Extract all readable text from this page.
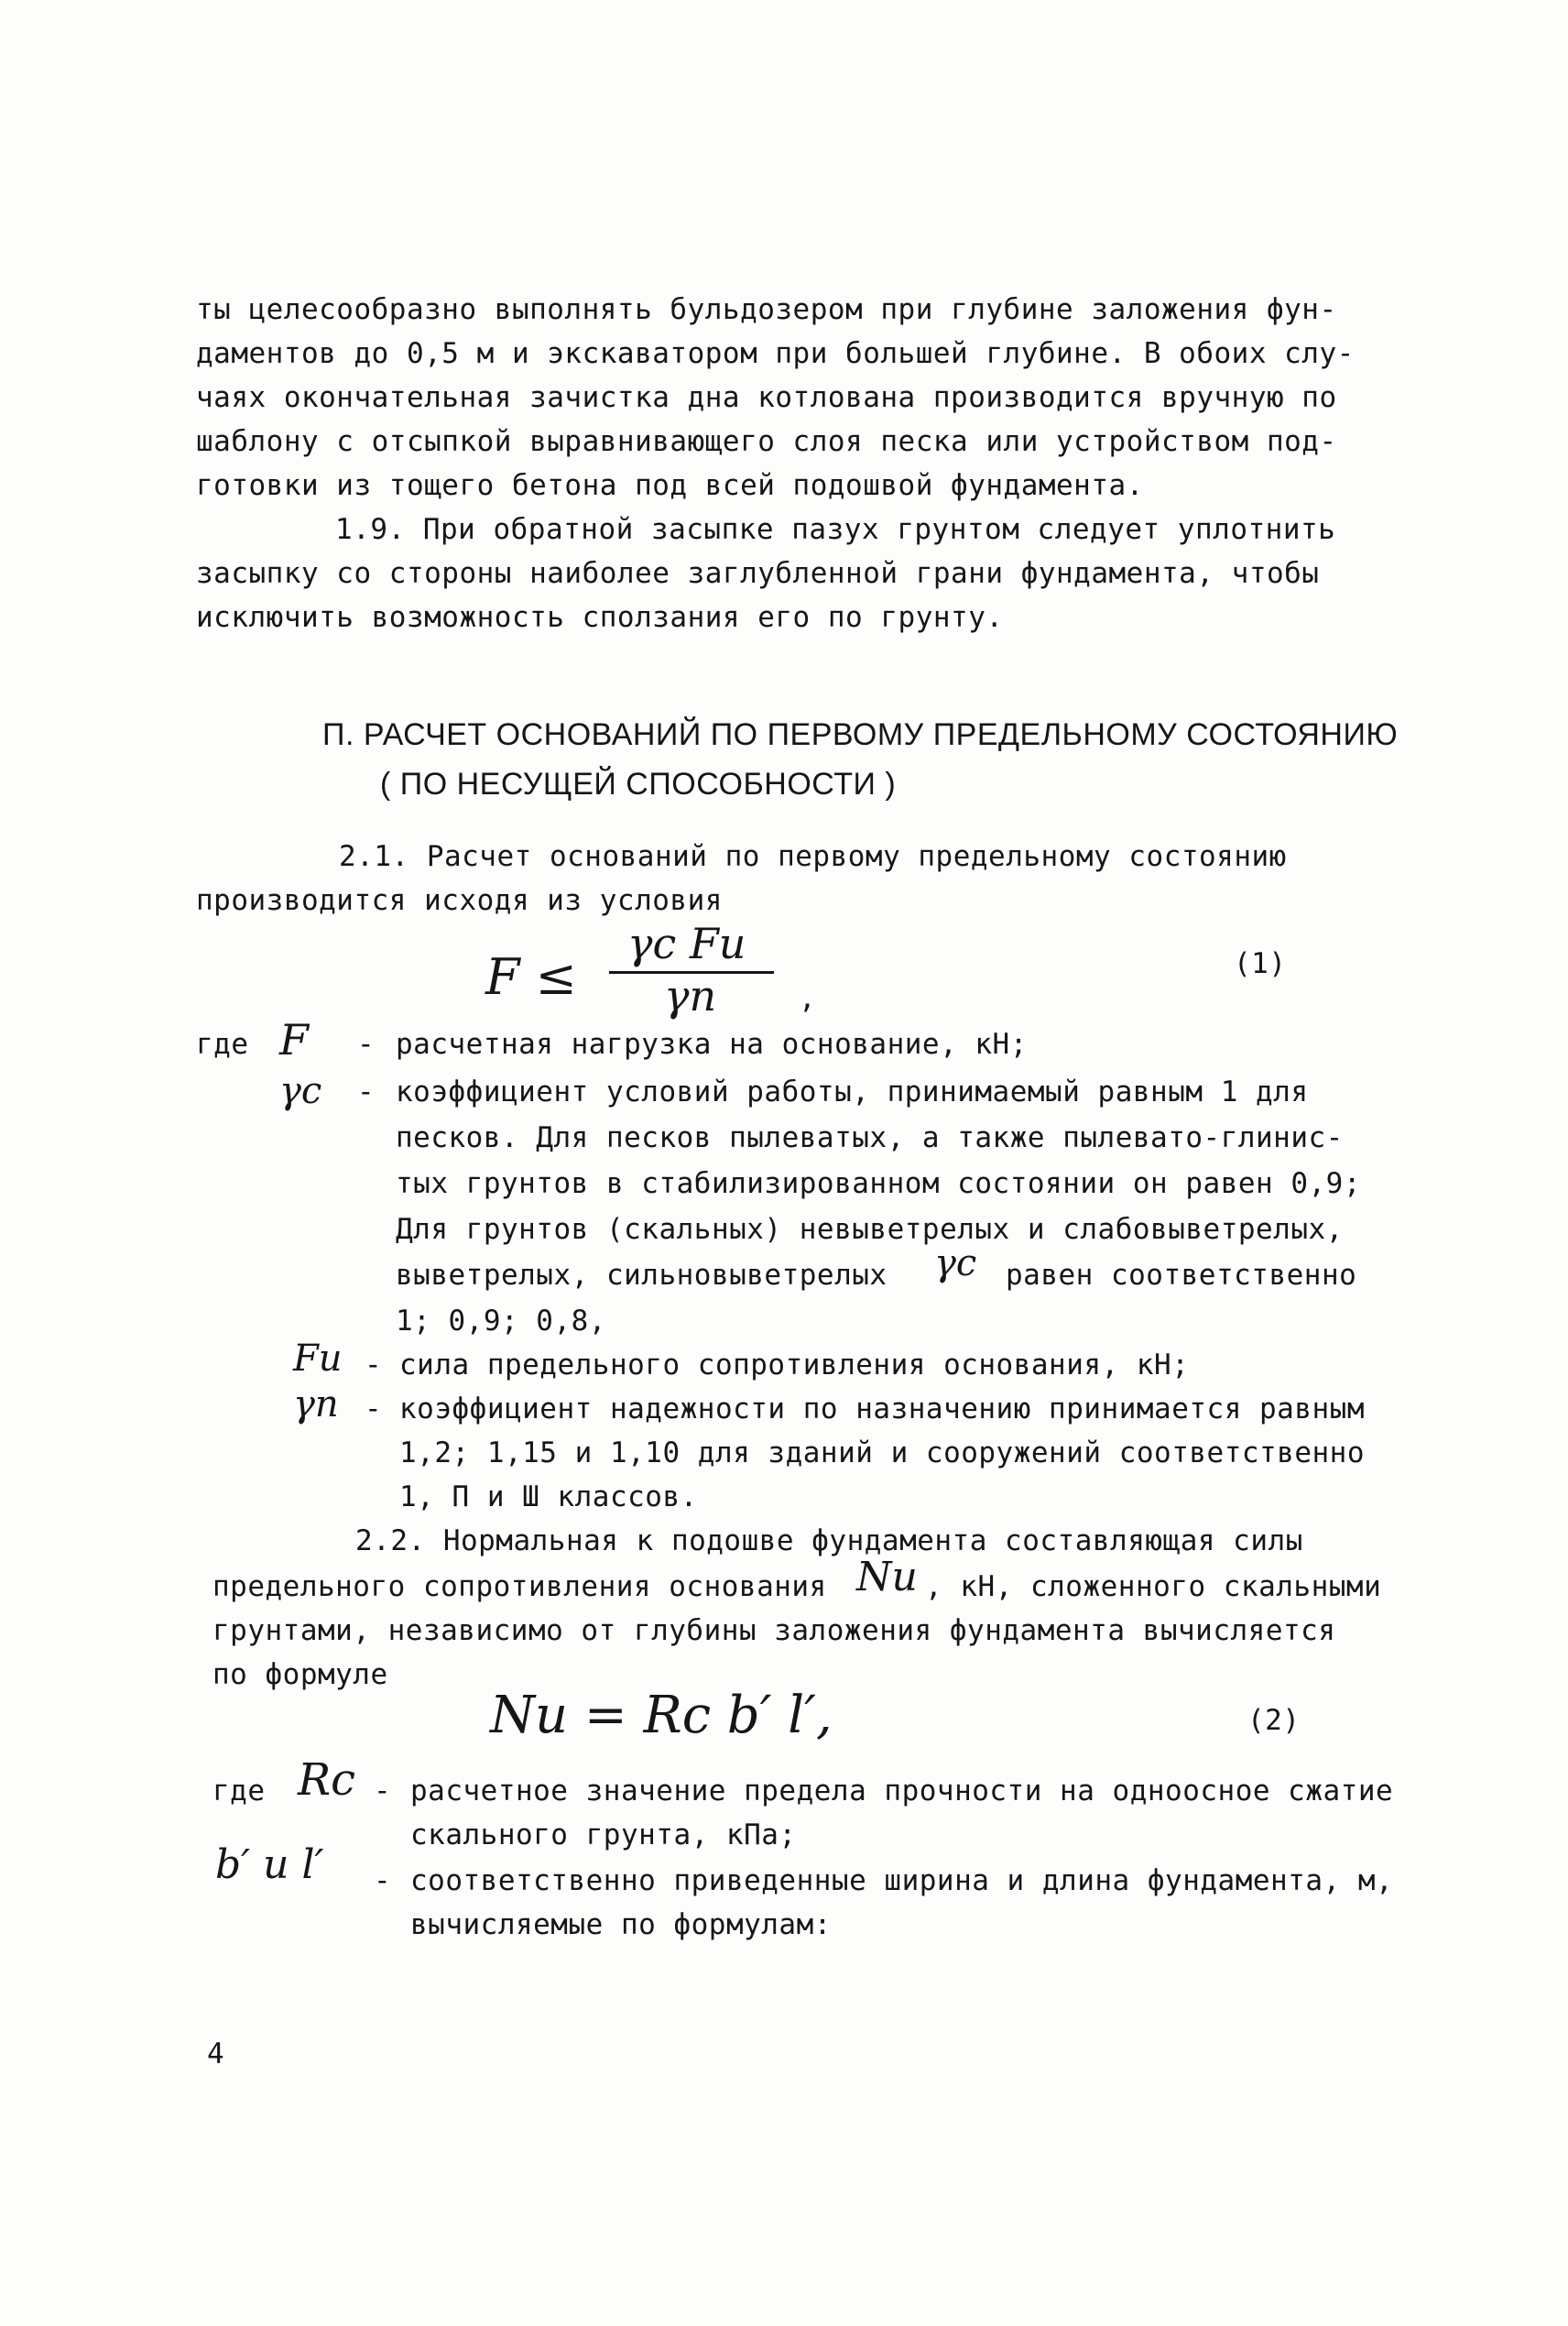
ты целесообразно выполнять бульдозером при глубине заложения фун-
даментов до 0,5 м и экскаватором при большей глубине. В обоих слу-
чаях окончательная зачистка дна котлована производится вручную по
шаблону с отсыпкой выравнивающего слоя песка или устройством под-
готовки из тощего бетона под всей подошвой фундамента.
1.9. При обратной засыпке пазух грунтом следует уплотнить
засыпку со стороны наиболее заглубленной грани фундамента, чтобы
исключить возможность сползания его по грунту.
П. РАСЧЕТ ОСНОВАНИЙ ПО ПЕРВОМУ ПРЕДЕЛЬНОМУ СОСТОЯНИЮ
( ПО НЕСУЩЕЙ СПОСОБНОСТИ )
2.1. Расчет оснований по первому предельному состоянию
производится исходя из условия
F ≤
γc Fu
γn	,
(1)
где F - расчетная нагрузка на основание, кН;
γc - коэффициент условий работы, принимаемый равным 1 для
песков. Для песков пылеватых, а также пылевато-глинис-
тых грунтов в стабилизированном состоянии он равен 0,9;
Для грунтов (скальных) невыветрелых и слабовыветрелых,
выветрелых, сильновыветрелых γc равен соответственно
1; 0,9; 0,8,
Fu - сила предельного сопротивления основания, кН;
γn - коэффициент надежности по назначению принимается равным
1,2; 1,15 и 1,10 для зданий и сооружений соответственно
1, П и Ш классов.
2.2. Нормальная к подошве фундамента составляющая силы
предельного сопротивления основания Nu , кН, сложенного скальными
грунтами, независимо от глубины заложения фундамента вычисляется
по формуле
Nu = Rc b′ l′,	(2)
где Rc - расчетное значение предела прочности на одноосное сжатие
скального грунта, кПа;
b′ и l′ - соответственно приведенные ширина и длина фундамента, м,
вычисляемые по формулам:
4
